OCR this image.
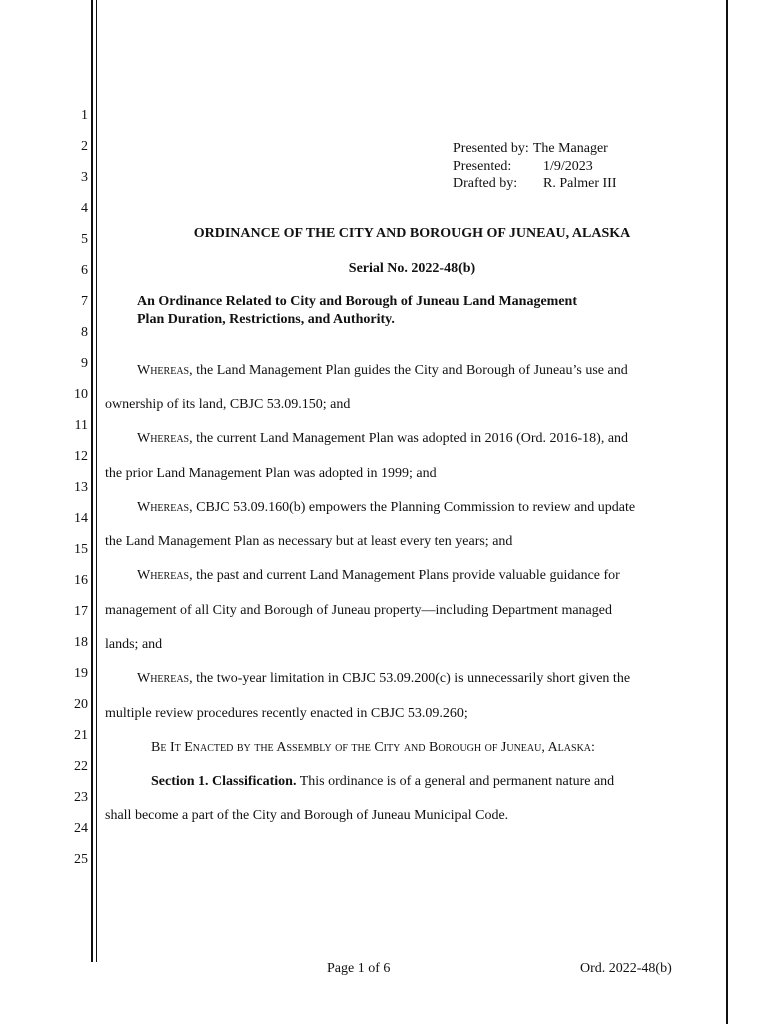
1
2
3
4
5
6
7
8
9
10
11
12
13
14
15
16
17
18
19
20
21
22
23
24
25
Presented by: The Manager
Presented:	1/9/2023
Drafted by:	R. Palmer III
ORDINANCE OF THE CITY AND BOROUGH OF JUNEAU, ALASKA
Serial No. 2022-48(b)
An Ordinance Related to City and Borough of Juneau Land Management
Plan Duration, Restrictions, and Authority.
Whereas, the Land Management Plan guides the City and Borough of Juneau’s use and
ownership of its land, CBJC 53.09.150; and
Whereas, the current Land Management Plan was adopted in 2016 (Ord. 2016-18), and
the prior Land Management Plan was adopted in 1999; and
Whereas, CBJC 53.09.160(b) empowers the Planning Commission to review and update
the Land Management Plan as necessary but at least every ten years; and
Whereas, the past and current Land Management Plans provide valuable guidance for
management of all City and Borough of Juneau property—including Department managed
lands; and
Whereas, the two-year limitation in CBJC 53.09.200(c) is unnecessarily short given the
multiple review procedures recently enacted in CBJC 53.09.260;
Be It Enacted by the Assembly of the City and Borough of Juneau, Alaska:
Section 1. Classification. This ordinance is of a general and permanent nature and
shall become a part of the City and Borough of Juneau Municipal Code.
Page 1 of 6	Ord. 2022-48(b)
